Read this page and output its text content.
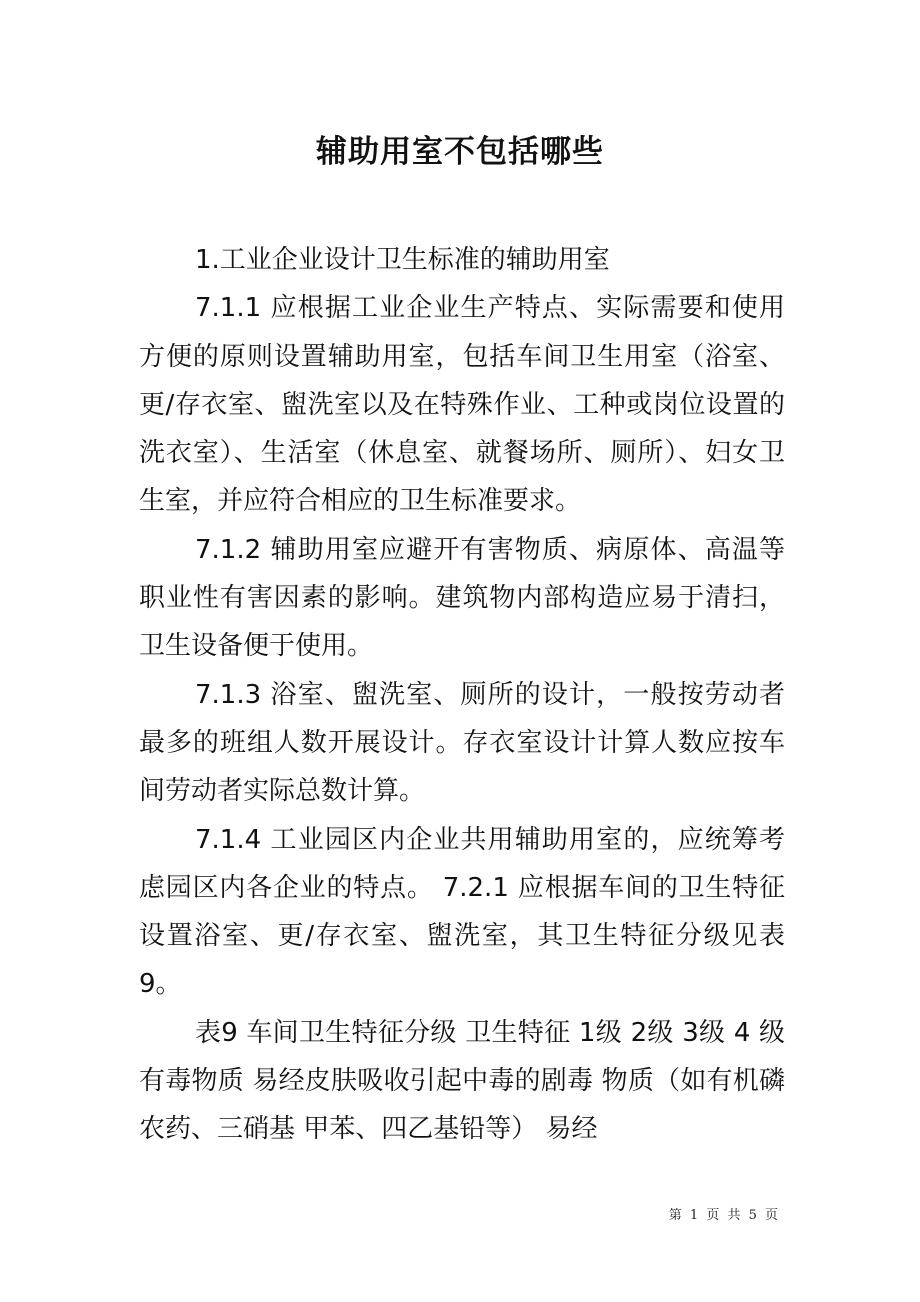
辅助用室不包括哪些

1.工业企业设计卫生标准的辅助用室

7.1.1 应根据工业企业生产特点、实际需要和使用方便的原则设置辅助用室，包括车间卫生用室（浴室、更/存衣室、盥洗室以及在特殊作业、工种或岗位设置的洗衣室）、生活室（休息室、就餐场所、厕所）、妇女卫生室，并应符合相应的卫生标准要求。

7.1.2 辅助用室应避开有害物质、病原体、高温等职业性有害因素的影响。建筑物内部构造应易于清扫，卫生设备便于使用。

7.1.3 浴室、盥洗室、厕所的设计，一般按劳动者最多的班组人数开展设计。存衣室设计计算人数应按车间劳动者实际总数计算。

7.1.4 工业园区内企业共用辅助用室的，应统筹考虑园区内各企业的特点。 7.2.1 应根据车间的卫生特征设置浴室、更/存衣室、盥洗室，其卫生特征分级见表 9。

表9 车间卫生特征分级 卫生特征 1级 2级 3级 4 级 有毒物质 易经皮肤吸收引起中毒的剧毒 物质（如有机磷农药、三硝基 甲苯、四乙基铅等） 易经

第 1 页 共 5 页
